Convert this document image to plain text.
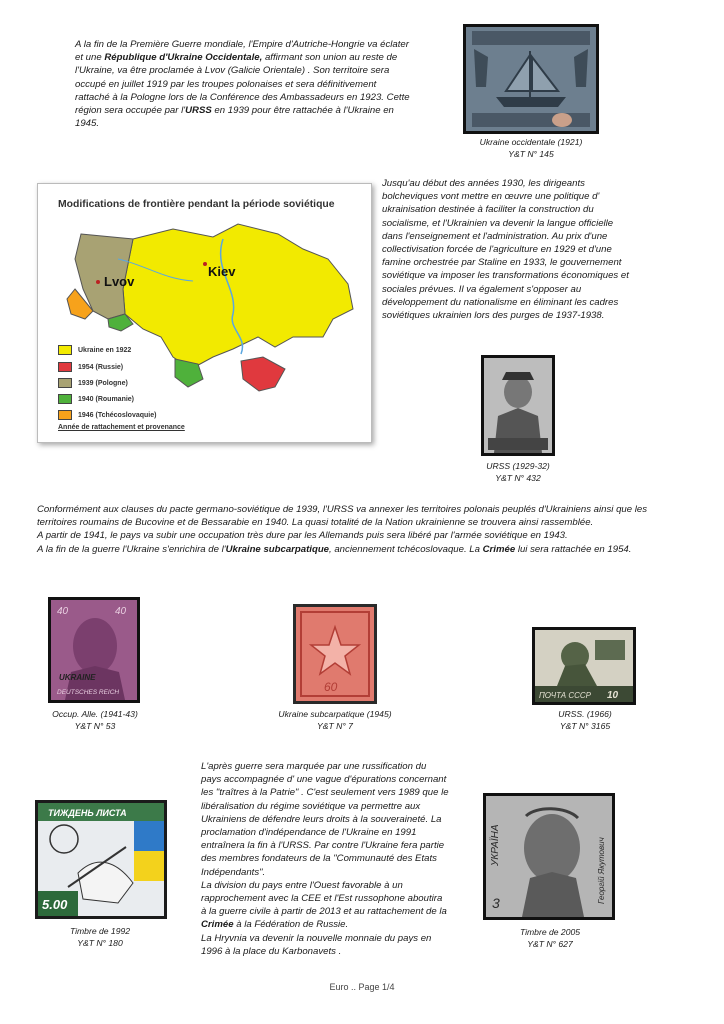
A la fin de la Première Guerre mondiale, l'Empire d'Autriche-Hongrie va éclater et une République d'Ukraine Occidentale, affirmant son union au reste de l'Ukraine, va être proclamée à Lvov (Galicie Orientale) . Son territoire sera occupé en juillet 1919 par les troupes polonaises et sera définitivement rattaché à la Pologne lors de la Conférence des Ambassadeurs en 1923. Cette région sera occupée par l'URSS en 1939 pour être rattachée à l'Ukraine en 1945.
Ukraine occidentale (1921)
Y&T N° 145
Modifications de frontière pendant la période soviétique
Lvov
Kiev
Ukraine en 1922
1954 (Russie)
1939 (Pologne)
1940 (Roumanie)
1946 (Tchécoslovaquie)
Année de rattachement et provenance
Jusqu'au début des années 1930, les dirigeants bolcheviques vont mettre en œuvre une politique d' ukrainisation destinée à faciliter la construction du socialisme, et l'Ukrainien va devenir la langue officielle dans l'enseignement et l'administration. Au prix d'une collectivisation forcée de l'agriculture en 1929 et d'une famine orchestrée par Staline en 1933, le gouvernement soviétique va imposer les transformations économiques et sociales prévues. Il va également s'opposer au développement du nationalisme en éliminant les cadres soviétiques ukrainien lors des purges de 1937-1938.
URSS (1929-32)
Y&T N° 432
Conformément aux clauses du pacte germano-soviétique de 1939, l'URSS va annexer les territoires polonais peuplés d'Ukrainiens ainsi que les territoires roumains de Bucovine et de Bessarabie en 1940. La quasi totalité de la Nation ukrainienne se trouvera ainsi rassemblée.
A partir de 1941, le pays va subir une occupation très dure par les Allemands puis sera libéré par l'armée soviétique en 1943.
A la fin de la guerre l'Ukraine s'enrichira de l'Ukraine subcarpatique, anciennement tchécoslovaque. La Crimée lui sera rattachée en 1954.
40	40
UKRAINE
DEUTSCHES REICH
Occup. Alle. (1941-43)
Y&T N° 53
60
Ukraine subcarpatique (1945)
Y&T N° 7
ПОЧТА СССР 10
URSS. (1966)
Y&T N° 3165
L'après guerre sera marquée par une russification du pays accompagnée d' une vague d'épurations concernant les "traîtres à la Patrie" . C'est seulement vers 1989 que le libéralisation du régime soviétique va permettre aux Ukrainiens de défendre leurs droits à la souveraineté. La proclamation d'indépendance de l'Ukraine en 1991 entraînera la fin à l'URSS. Par contre l'Ukraine fera partie des membres fondateurs de la "Communauté des Etats Indépendants".
La division du pays entre l'Ouest favorable à un rapprochement avec la CEE et l'Est russophone aboutira à la guerre civile à partir de 2013 et au rattachement de la Crimée à la Fédération de Russie.
La Hryvnia va devenir la nouvelle monnaie du pays en 1996 à la place du Karbonavets .
ТИЖДЕНЬ ЛИСТА
5.00
Timbre de 1992
Y&T N° 180
УКРАЇНА	Георгій Якутович
3
Timbre de 2005
Y&T N° 627
Euro .. Page 1/4
